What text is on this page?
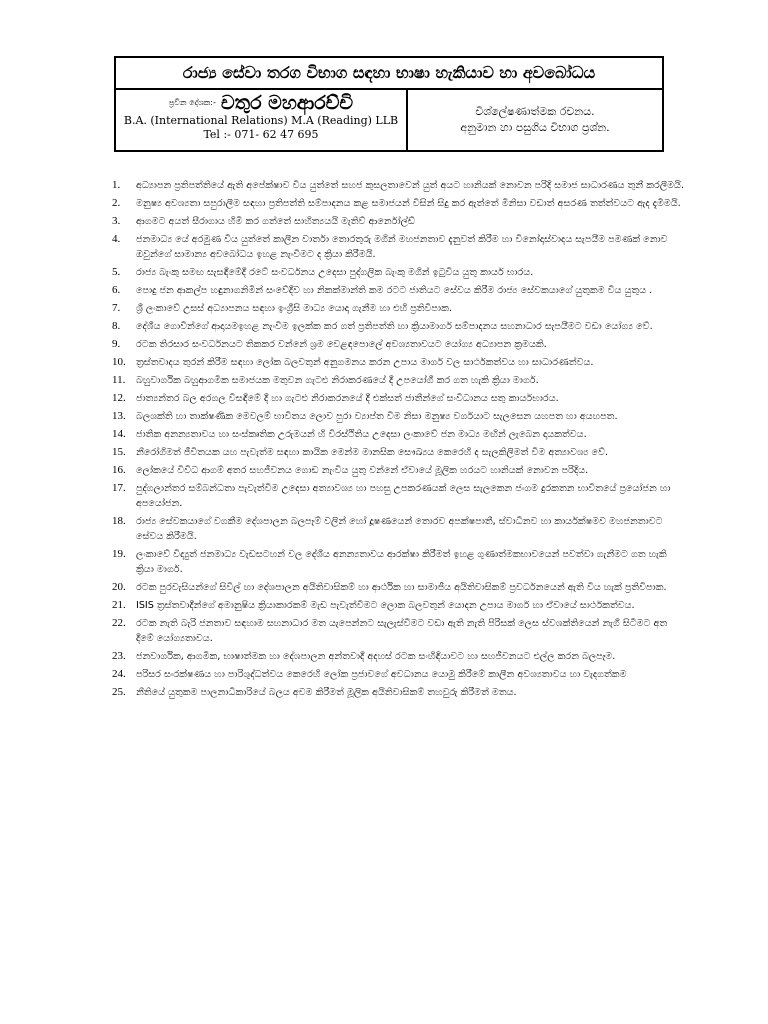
රාජ්‍ය සේවා තරග විභාග සඳහා භාෂා හැකියාව හා අවබෝධය
ප්‍රවීන දේශක:- චතුර මහආරච්චි
B.A. (International Relations) M.A (Reading) LLB
Tel :- 071- 62 47 695
විශ්ලේෂණාත්මක රචනය.
අනුමාන හා පසුගිය විභාග ප්‍රශ්න.
1. අධ්‍යාපන ප්‍රතිපත්තියේ ඇති අපේක්ෂාව විය යුත්තේ සහජ කුසලතාවෙන් යුත් අයට හානියක් නොවන පරිදි සමාජ සාධාරණය තුනී කරලීමයි.
2. මනුෂ්‍ය අවශ්‍යතා සපුරාලීම සඳහා ප්‍රතිපත්ති සම්පාදනය කළ සමාජයන් විසින් සිදු කර ඇත්තේ මිනිසා වඩාත් අසරණ තත්ත්වයට ඇද දැමීමයි.
3. ආගමට අයත් සීරාගාය හිමි කර ගත්තේ සාහිත්‍යයයි මැතිව් ආර්නෝල්ඩ්
4. ජනමාධ්‍ය යේ අරමුණ විය යුත්තේ කාලීන වාර්තා තොරතුරු මගින් මහජනතාව දැනුවත් කිරීම හා විනෝදාස්වාදය සැපයීම පමණක් නොව ඔවුන්ගේ සාමාන්‍ය අවබෝධය ඉහළ නැංවීමට ද ක්‍රියා කිරීමයි.
5. රාජ්‍ය බැංකු සමඟ සැසඳීමේදී රටේ සංවර්ධනය උදෙසා පුද්ගලික බැංකු මගින් ඉටුවිය යුතු කාර්ය භාරය.
6. පොදු ජන ආකල්ප හඳුනාගනිමින් සංවේදීව හා නිකක්මාන්ති කම රටට ජාතියට සේවය කිරීම රාජ්‍ය සේවකයාගේ යුතුකම විය යුතුය .
7. ශ්‍රී ලංකාවේ උසස් අධ්‍යාපනය සඳහා ඉංග්‍රීසි මාධ්‍ය යොදා ගැනීම හා එහි ප්‍රතිවිපාක.
8. දේශීය ගොවීන්ගේ ආදායමඉහළ නැංවීම ඉලක්ක කර ගත් ප්‍රතිපත්ති හා ක්‍රියාමාර්ග සම්පාදනය සහනාධාර සැපයීමට වඩා යෝග්‍ය වේ.
9. රටක තිරසාර සංවර්ධනයට තිකකර වන්නේ ශ්‍රම වෙළඳපොලේ අවශ්‍යතාවයට යෝග්‍ය අධ්‍යාපන ක්‍රමයකි.
10. ත්‍රස්තවාදය තුරන් කිරීම සඳහා ලෝක බලවතුන් අනුගමනය කරන උපාය මාර්ග වල සාර්ථකත්වය හා සාධාරණත්වය.
11. බහුවාර්ගික බහුආගමික සමාජයක මතුවන ගැටළු නිරාකරණයේ දී උපයෝගී කර ගත හැකි ක්‍රියා මාර්ග.
12. ජාත්‍යන්තර බල අරගල විසඳීමේ දී හා ගැටළු නිරාකරනයේ දී එක්සත් ජාතීන්ගේ සංවිධානය සතු කාර්යභාරය.
13. බලශක්ති හා තාක්ෂණික මෙවලම් භාවිතය ලොව පුරා ව්‍යාප්ත වීම නිසා මනුෂ්‍ය වර්ගයාට සැලසෙන යහපත හා අයහපත.
14. ජාතික අනන්‍යතාවය හා සංස්කෘතික උරුමයන් හි විරස්ථිතිය උදෙසා ලංකාවේ ජන මාධ්‍ය මඟින් ලැබෙන දායකත්වය.
15. නීරෝගිමත් ජීවිතයක යහ පැවැත්ම සඳහා කායික මෙන්ම මානසික සෞඛ්‍යය කෙරෙහි ද සැලකිලිමත් වීම අත්‍යාවශ්‍ය වේ.
16. ලෝකයේ විවිධ ආගම් අතර සහජීවනය ගොඩ නැංවිය යුතු වන්නේ ඒවායේ මූලික හරයට හානියක් නොවන පරිදිය.
17. පුද්ගලාන්තර සම්බන්ධතා පැවැත්වීම උදෙසා අත්‍යාවශ්‍ය හා පහසු උපකරණයක් ලෙස සැලකෙන ජංගම දුරකතන භාවිතයේ ප්‍රයෝජන හා අපයෝජන.
18. රාජ්‍ය සේවකයාගේ වගකීම දේශපාලන බලපෑම් වලින් හෝ දූෂණයෙන් තොරව අපක්ෂපාතී, ස්වාධීනව හා කාර්යක්ෂමව මහජනතාවට සේවය කිරීමයි.
19. ලංකාවේ විද්‍යුත් ජනමාධ්‍ය වැඩසටහන් වල දේශීය අනන්‍යතාවය ආරක්ෂා කිරීමත් ඉහළ ගුණාත්මකභාවයෙන් පවත්වා ගැනීමට ගත හැකි ක්‍රියා මාර්ග.
20. රටක පුරවැසියන්ගේ සිවිල් හා දේශපාලන අයිතිවාසිකම් හා ආර්ථික හා සාමාජීය අයිතිවාසිකම් ප්‍රවර්ධනයෙන් ඇති විය හැක් ප්‍රතිවිපාක.
21. ISIS ත්‍රස්තවාදීන්ගේ අමානුෂිය ක්‍රියාකාරකම් මැඩ පැවැත්වීමට ලොක බලවතුන් යොදන උපාය මාර්ග හා ඒවායේ සාර්ථකත්වය.
22. රටක නැති බැරි ජනතාව සඳහාම සහනාධාර මත යැපෙන්නට සැලැස්වීමට වඩා ඇති නැති පිරිසක් ලෙස ස්වශක්තියෙන් නැගී සිටීමට අත දීමේ යෝග්‍යතාවය.
23. ජනවාර්ගික, ආගමික, භාෂාත්මක හා දේශපාලන අන්තවාදී අදහස් රටක සංහිඳියාවට හා සහජීවනයට එල්ල කරන බලපෑම.
24. පරිසර සංරක්ෂණය හා පාරිශුද්ධත්වය කෙරෙහි ලෝක ප්‍රජාවගේ අවධානය යොමු කිරීමේ කාලීන අවශ්‍යතාවය හා වැදගත්කම
25. නීතියේ යුතුකම පාලනාධිකාරියේ බලය අවම කිරීමත් මූලික අයිතිවාසිකම් තහවුරු කිරීමත් මතය.
